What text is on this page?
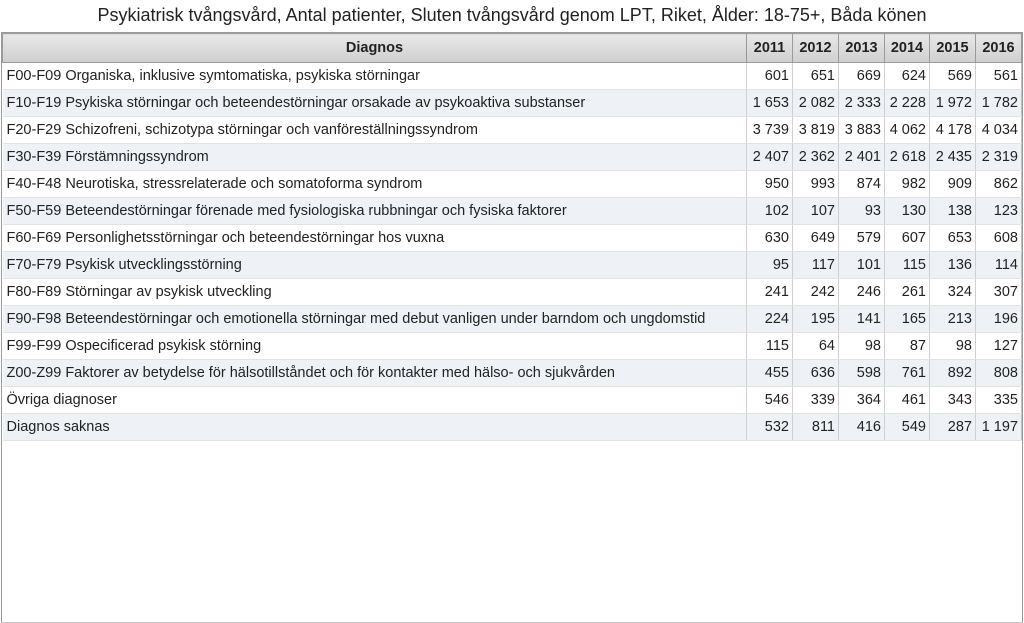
Psykiatrisk tvångsvård, Antal patienter, Sluten tvångsvård genom LPT, Riket, Ålder: 18-75+, Båda könen
Diagnos	2011	2012	2013	2014	2015	2016
F00-F09 Organiska, inklusive symtomatiska, psykiska störningar	601	651	669	624	569	561
F10-F19 Psykiska störningar och beteendestörningar orsakade av psykoaktiva substanser	1 653	2 082	2 333	2 228	1 972	1 782
F20-F29 Schizofreni, schizotypa störningar och vanföreställningssyndrom	3 739	3 819	3 883	4 062	4 178	4 034
F30-F39 Förstämningssyndrom	2 407	2 362	2 401	2 618	2 435	2 319
F40-F48 Neurotiska, stressrelaterade och somatoforma syndrom	950	993	874	982	909	862
F50-F59 Beteendestörningar förenade med fysiologiska rubbningar och fysiska faktorer	102	107	93	130	138	123
F60-F69 Personlighetsstörningar och beteendestörningar hos vuxna	630	649	579	607	653	608
F70-F79 Psykisk utvecklingsstörning	95	117	101	115	136	114
F80-F89 Störningar av psykisk utveckling	241	242	246	261	324	307
F90-F98 Beteendestörningar och emotionella störningar med debut vanligen under barndom och ungdomstid	224	195	141	165	213	196
F99-F99 Ospecificerad psykisk störning	115	64	98	87	98	127
Z00-Z99 Faktorer av betydelse för hälsotillståndet och för kontakter med hälso- och sjukvården	455	636	598	761	892	808
Övriga diagnoser	546	339	364	461	343	335
Diagnos saknas	532	811	416	549	287	1 197
